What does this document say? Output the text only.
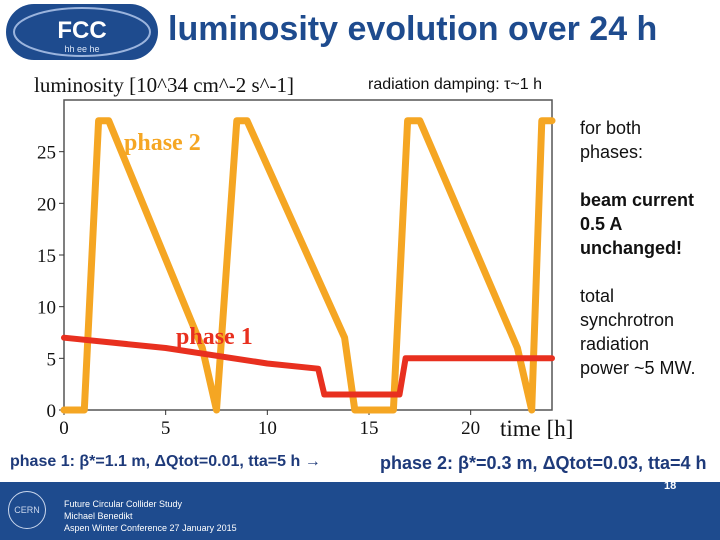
FCC
hh ee he
luminosity evolution over 24 h
0
5
10
15
20
25
0	5	10	15	20
luminosity [10^34 cm^-2 s^-1]
time [h]
phase 2
phase 1
radiation damping: τ~1 h
for both
phases:
beam current
0.5 A
unchanged!
total
synchrotron
radiation
power ~5 MW.
phase 1: β*=1.1 m, ΔQtot=0.01, tta=5 h →	phase 2: β*=0.3 m, ΔQtot=0.03, tta=4 h
CERN
Future Circular Collider Study
Michael Benedikt
Aspen Winter Conference 27 January 2015
18
